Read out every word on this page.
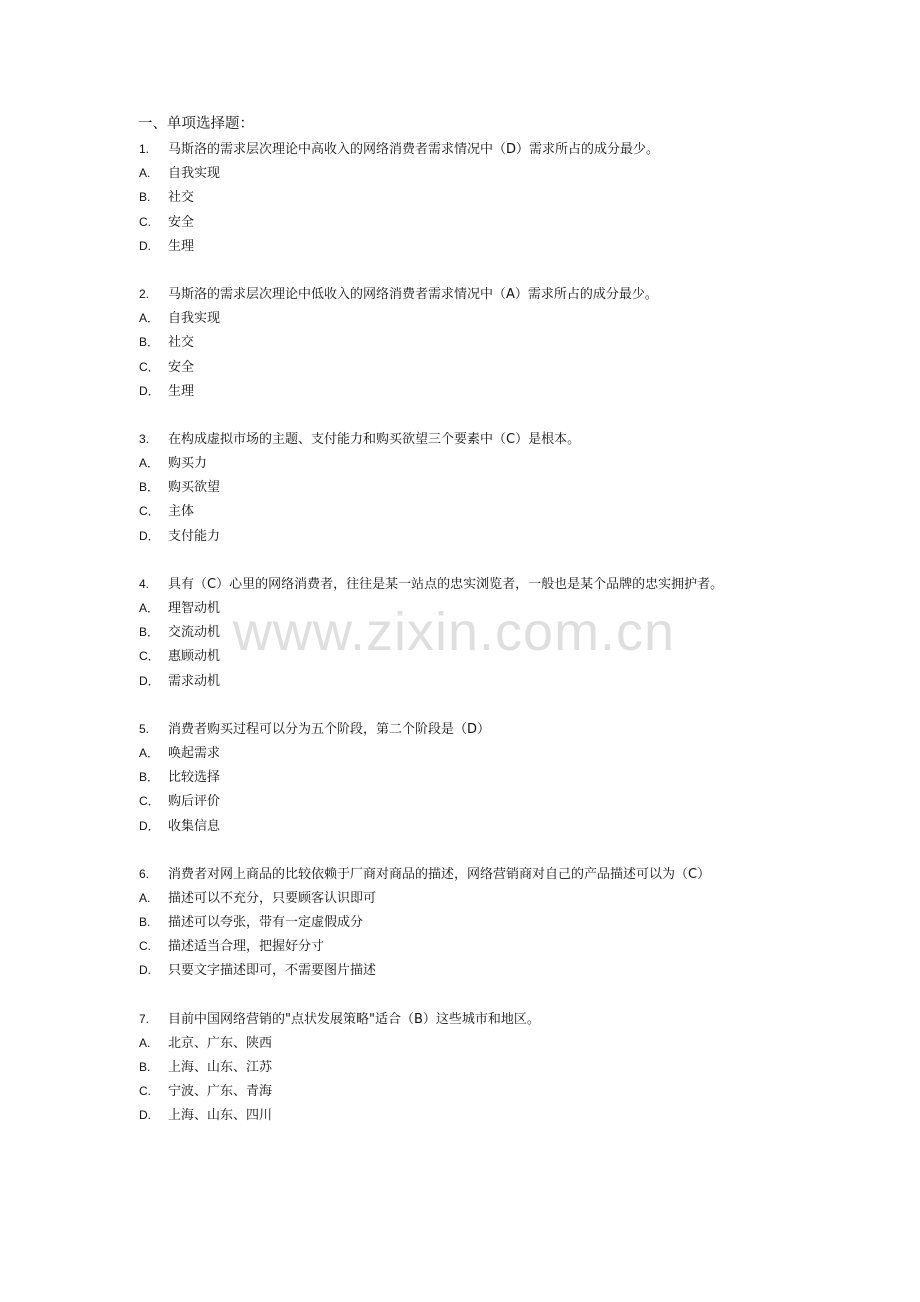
一、单项选择题：
1. 马斯洛的需求层次理论中高收入的网络消费者需求情况中（D）需求所占的成分最少。
A. 自我实现
B. 社交
C. 安全
D. 生理
2. 马斯洛的需求层次理论中低收入的网络消费者需求情况中（A）需求所占的成分最少。
A． 自我实现
B． 社交
C． 安全
D． 生理
3. 在构成虚拟市场的主题、支付能力和购买欲望三个要素中（C）是根本。
A． 购买力
B． 购买欲望
C． 主体
D． 支付能力
4. 具有（C）心里的网络消费者，往往是某一站点的忠实浏览者，一般也是某个品牌的忠实拥护者。
A． 理智动机
B． 交流动机
C． 惠顾动机
D． 需求动机
5. 消费者购买过程可以分为五个阶段，第二个阶段是（D）
A． 唤起需求
B． 比较选择
C． 购后评价
D． 收集信息
6. 消费者对网上商品的比较依赖于厂商对商品的描述，网络营销商对自己的产品描述可以为（C）
A. 描述可以不充分，只要顾客认识即可
B. 描述可以夸张，带有一定虚假成分
C. 描述适当合理，把握好分寸
D. 只要文字描述即可，不需要图片描述
7. 目前中国网络营销的"点状发展策略"适合（B）这些城市和地区。
A. 北京、广东、陕西
B. 上海、山东、江苏
C. 宁波、广东、青海
D. 上海、山东、四川
www.zixin.com.cn
